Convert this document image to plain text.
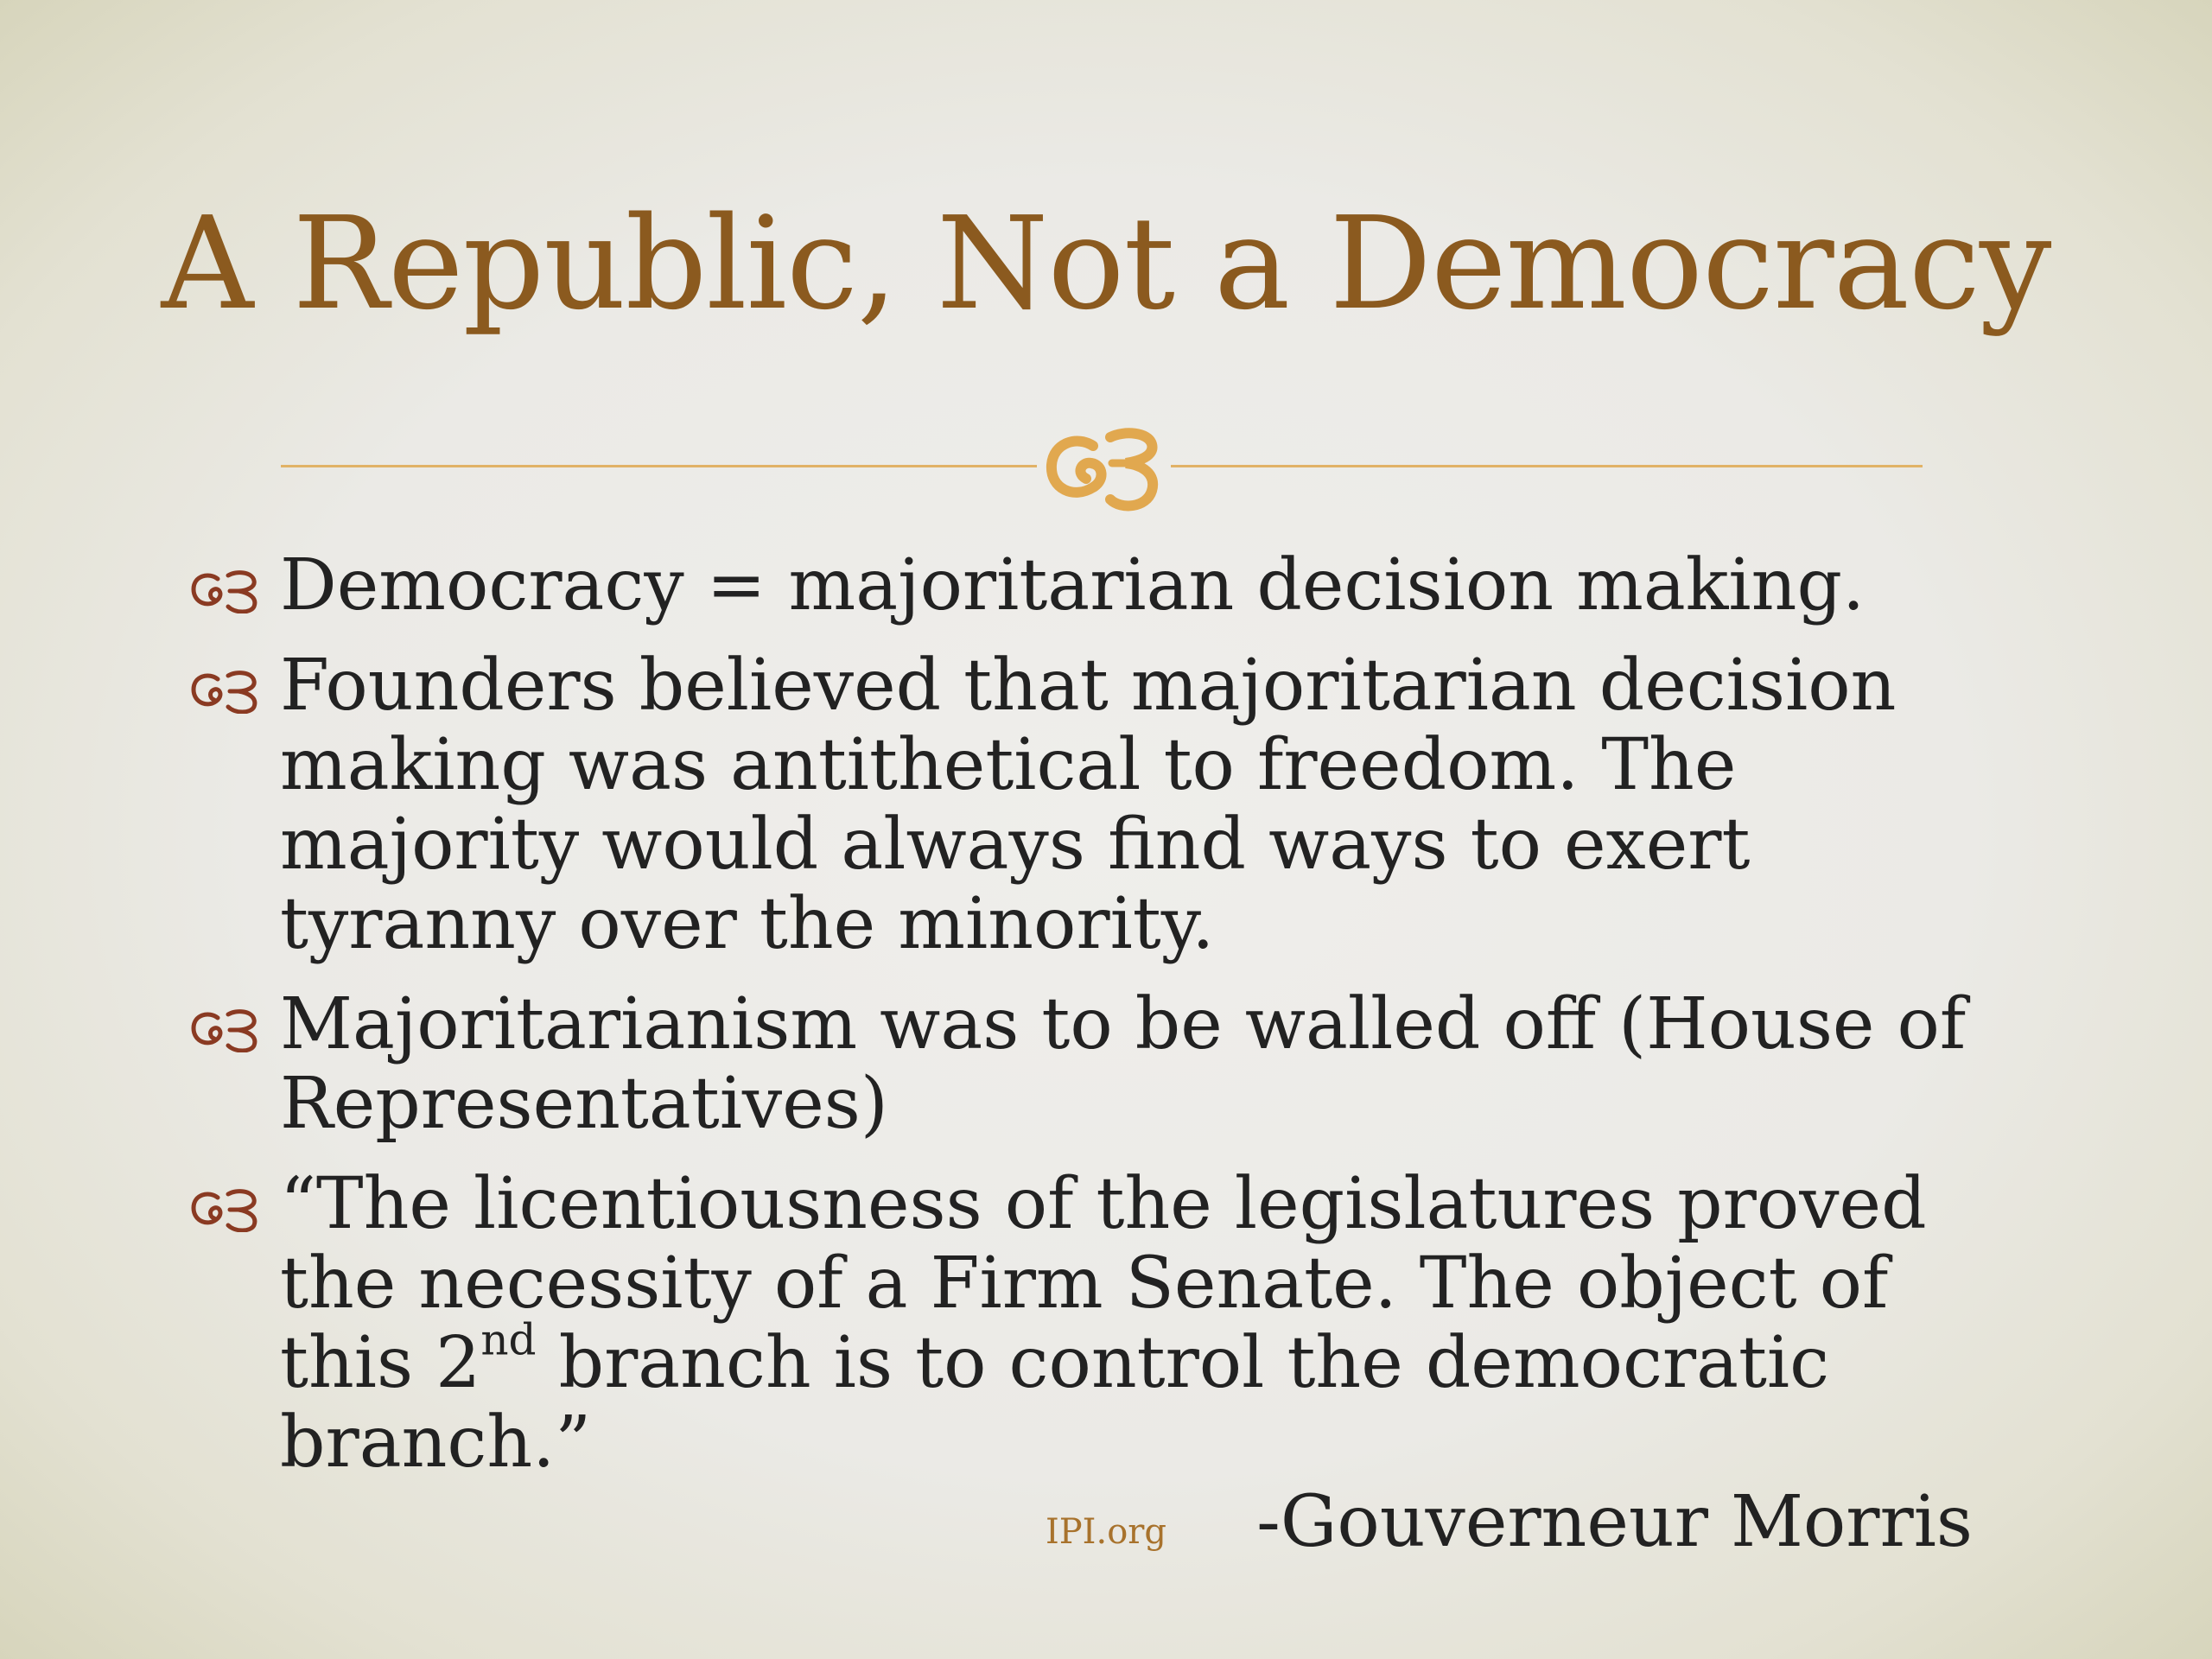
A Republic, Not a Democracy
Democracy = majoritarian decision making.
Founders believed that majoritarian decision making was antithetical to freedom. The majority would always find ways to exert tyranny over the minority.
Majoritarianism was to be walled off (House of Representatives)
“The licentiousness of the legislatures proved the necessity of a Firm Senate. The object of this 2nd branch is to control the democratic branch.”
-Gouverneur Morris
IPI.org
